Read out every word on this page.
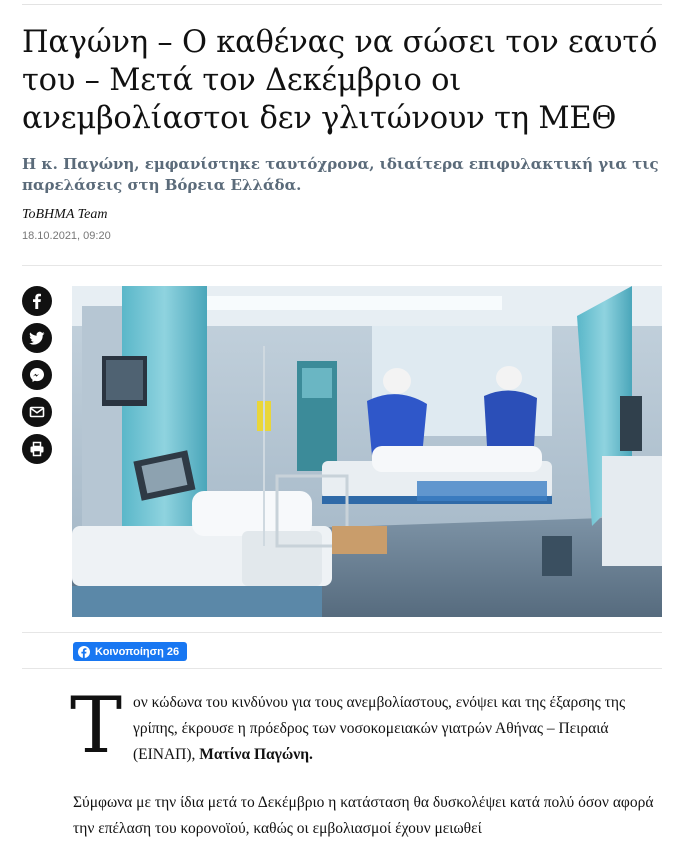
Παγώνη – Ο καθένας να σώσει τον εαυτό του – Μετά τον Δεκέμβριο οι ανεμβολίαστοι δεν γλιτώνουν τη ΜΕΘ

Η κ. Παγώνη, εμφανίστηκε ταυτόχρονα, ιδιαίτερα επιφυλακτική για τις παρελάσεις στη Βόρεια Ελλάδα.

ToBHMA Team
18.10.2021, 09:20
Κοινοποίηση 26
Τ ον κώδωνα του κινδύνου για τους ανεμβολίαστους, ενόψει και της έξαρσης της γρίπης, έκρουσε η πρόεδρος των νοσοκομειακών γιατρών Αθήνας – Πειραιά (ΕΙΝΑΠ), Ματίνα Παγώνη.

Σύμφωνα με την ίδια μετά το Δεκέμβριο η κατάσταση θα δυσκολέψει κατά πολύ όσον αφορά την επέλαση του κορονοϊού, καθώς οι εμβολιασμοί έχουν μειωθεί
